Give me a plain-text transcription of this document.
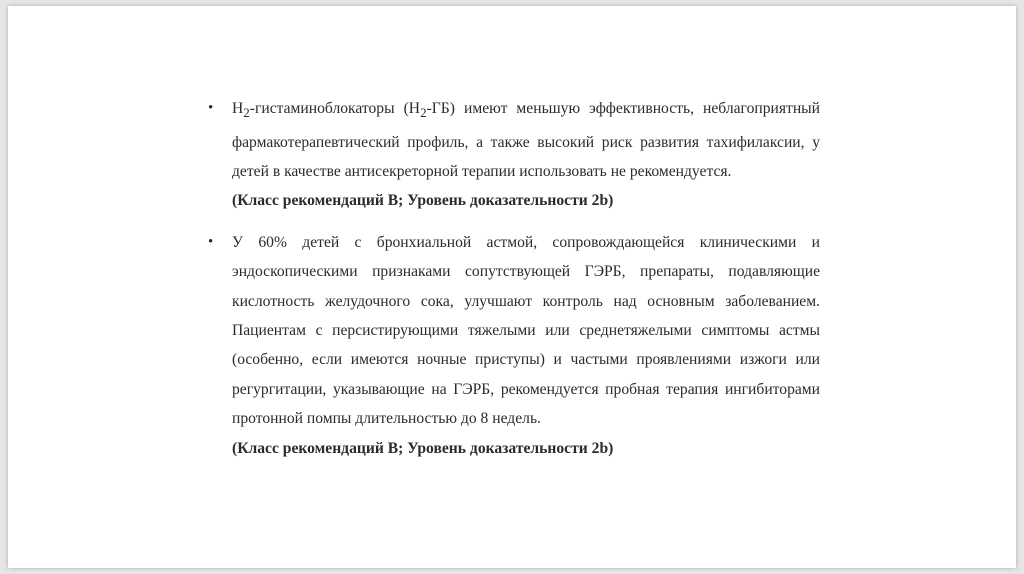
• $Н_2$-гистаминоблокаторы $(Н_2-ГБ)$ имеют меньшую эффективность, неблагоприятный фармакотерапевтический профиль, а также высокий риск развития тахифилаксии, у детей в качестве антисекреторной терапии использовать не рекомендуется.

(Класс рекомендаций В; Уровень доказательности 2b)

• У 60% детей с бронхиальной астмой, сопровождающейся клиническими и эндоскопическими признаками сопутствующей ГЭРБ, препараты, подавляющие кислотность желудочного сока, улучшают контроль над основным заболеванием. Пациентам с персистирующими тяжелыми или среднетяжелыми симптомы астмы (особенно, если имеются ночные приступы) и частыми проявлениями изжоги или регургитации, указывающие на ГЭРБ, рекомендуется пробная терапия ингибиторами протонной помпы длительностью до 8 недель.

(Класс рекомендаций В; Уровень доказательности 2b)
